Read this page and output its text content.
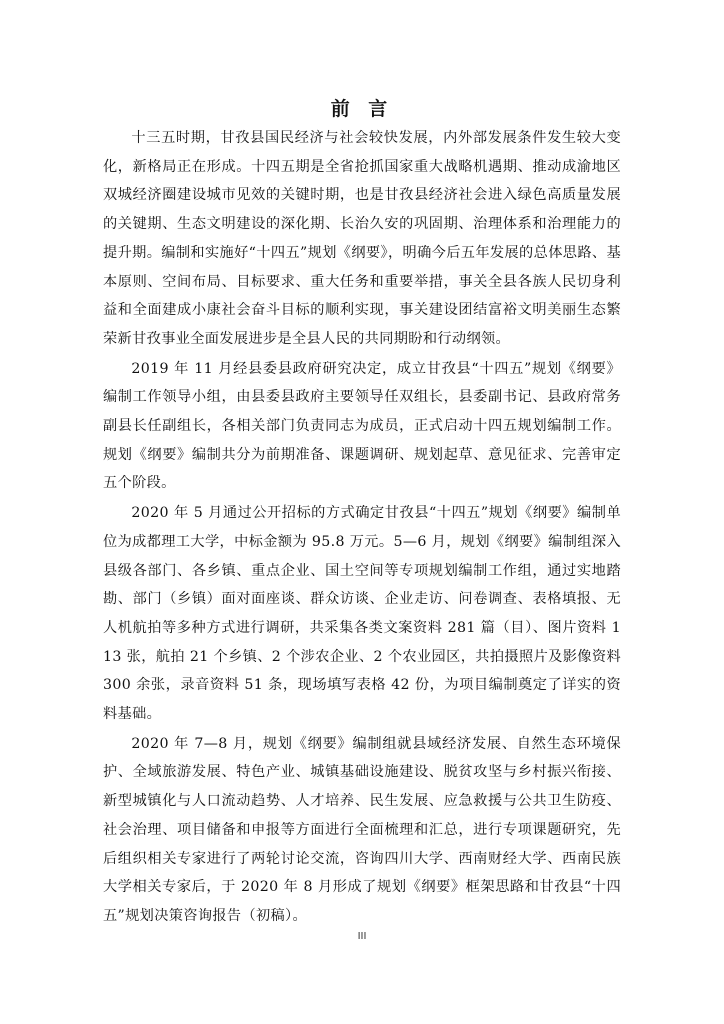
前 言

十三五时期，甘孜县国民经济与社会较快发展，内外部发展条件发生较大变化，新格局正在形成。十四五期是全省抢抓国家重大战略机遇期、推动成渝地区双城经济圈建设城市见效的关键时期，也是甘孜县经济社会进入绿色高质量发展的关键期、生态文明建设的深化期、长治久安的巩固期、治理体系和治理能力的提升期。编制和实施好“十四五”规划《纲要》，明确今后五年发展的总体思路、基本原则、空间布局、目标要求、重大任务和重要举措，事关全县各族人民切身利益和全面建成小康社会奋斗目标的顺利实现，事关建设团结富裕文明美丽生态繁荣新甘孜事业全面发展进步是全县人民的共同期盼和行动纲领。

2019 年 11 月经县委县政府研究决定，成立甘孜县“十四五”规划《纲要》编制工作领导小组，由县委县政府主要领导任双组长，县委副书记、县政府常务副县长任副组长，各相关部门负责同志为成员，正式启动十四五规划编制工作。规划《纲要》编制共分为前期准备、课题调研、规划起草、意见征求、完善审定五个阶段。

2020 年 5 月通过公开招标的方式确定甘孜县“十四五”规划《纲要》编制单位为成都理工大学，中标金额为 95.8 万元。5—6 月，规划《纲要》编制组深入县级各部门、各乡镇、重点企业、国土空间等专项规划编制工作组，通过实地踏勘、部门（乡镇）面对面座谈、群众访谈、企业走访、问卷调查、表格填报、无人机航拍等多种方式进行调研，共采集各类文案资料 281 篇（目）、图片资料 113 张，航拍 21 个乡镇、2 个涉农企业、2 个农业园区，共拍摄照片及影像资料 300 余张，录音资料 51 条，现场填写表格 42 份，为项目编制奠定了详实的资料基础。

2020 年 7—8 月，规划《纲要》编制组就县域经济发展、自然生态环境保护、全域旅游发展、特色产业、城镇基础设施建设、脱贫攻坚与乡村振兴衔接、新型城镇化与人口流动趋势、人才培养、民生发展、应急救援与公共卫生防疫、社会治理、项目储备和申报等方面进行全面梳理和汇总，进行专项课题研究，先后组织相关专家进行了两轮讨论交流，咨询四川大学、西南财经大学、西南民族大学相关专家后，于 2020 年 8 月形成了规划《纲要》框架思路和甘孜县“十四五”规划决策咨询报告（初稿）。

III
